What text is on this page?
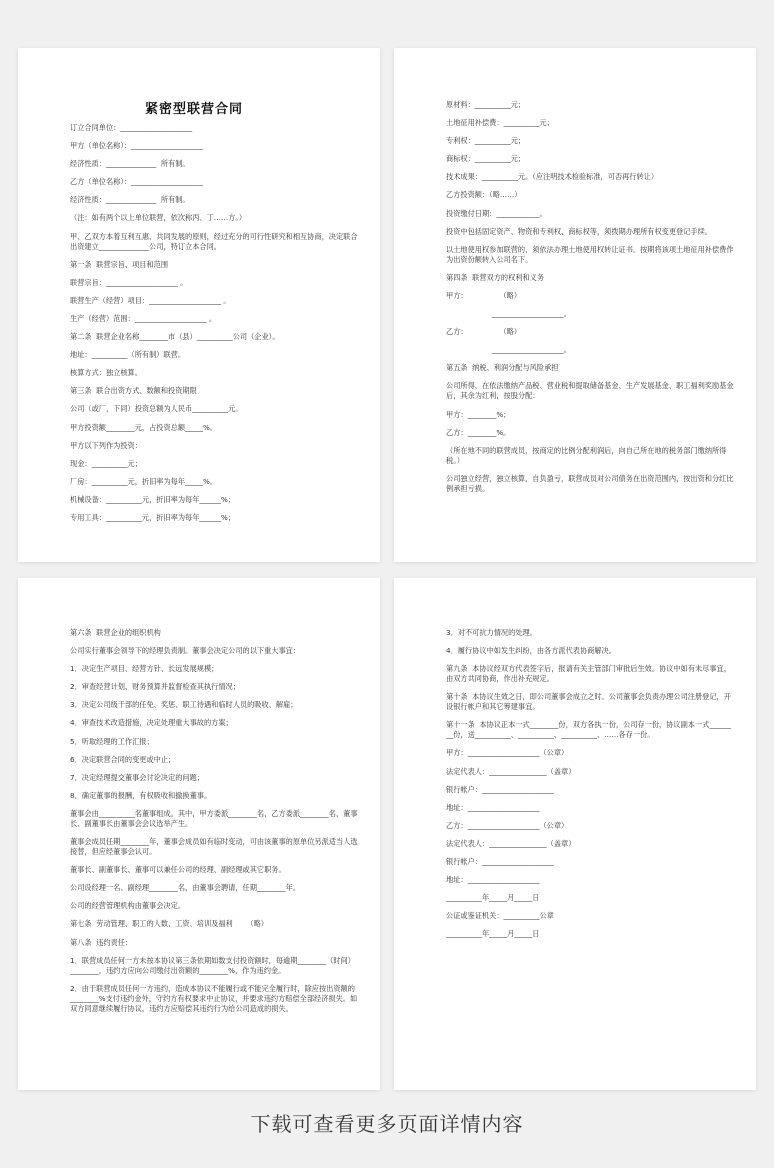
紧密型联营合同
订立合同单位：____________________
甲方（单位名称）：____________________
经济性质：______________  所有制。
乙方（单位名称）：____________________
经济性质：______________  所有制。
（注：如有两个以上单位联营，依次称丙、丁……方。）
甲、乙双方本着互利互惠、共同发展的原则，经过充分的可行性研究和相互协商，决定联合出资建立______________公司，特订立本合同。
第一条  联营宗旨、项目和范围
联营宗旨：____________________ 。
联营生产（经营）项目：____________________ 。
生产（经营）范围：____________________ 。
第二条  联营企业名称________市（县）__________公司（企业）。
地址：__________（所有制）联营。
核算方式：独立核算。
第三条  联合出资方式、数额和投资期限
公司（或厂，下同）投资总额为人民币__________元。
甲方投资额________元，占投资总额_____%。
甲方以下列作为投资：
现金：__________元；
厂房：__________元，折旧率为每年_____%。
机械设备：__________元，折旧率为每年______%；
专用工具：__________元，折旧率为每年______%；
原材料：__________元；
土地征用补偿费：__________元；
专利权：__________元；
商标权：__________元；
技术成果：__________元。（应注明技术检验标准，可否再行转让）
乙方投资额：（略……）
投资缴付日期：____________。
投资中包括固定资产、物资和专利权、商标权等，须拨期办理所有权变更登记手续。
以土地使用权参加联营的，须依法办理土地使用权转让证书。按期将该项土地征用补偿费作为出资份额转入公司名下。
第四条  联营双方的权利和义务
甲方：              （略）
____________________。
乙方：              （略）
____________________。
第五条  纳税、利润分配与风险承担
公司所得，在依法缴纳产品税、营业税和提取储备基金、生产发展基金、职工福利奖励基金后，其余为红利，按股分配：
甲方：________%；
乙方：________%。
（所在地不同的联营成员，按商定的比例分配利润后，向自己所在地的税务部门缴纳所得税。）
公司独立经营，独立核算，自负盈亏，联营成员对公司债务在出资范围内，按出资和分红比例承担亏损。
第六条  联营企业的组织机构
公司实行董事会领导下的经理负责制。董事会决定公司的以下重大事宜：
1．决定生产项目、经营方针、长远发展规模；
2．审查经营计划、财务预算并监督检查其执行情况；
3．决定公司级干部的任免、奖惩、职工待遇和临时人员的吸收、解雇；
4．审查技术改造措施，决定处理重大事故的方案；
5．听取经理的工作汇报；
6．决定联营合同的变更或中止；
7．决定经理提交董事会讨论决定的问题；
8．确定董事的报酬，有权吸收和撤换董事。
董事会由__________名董事组成。其中，甲方委派________名，乙方委派________名，董事长、副董事长由董事会会议选举产生。
董事会成员任期________年，董事会成员如有临时变动，可由该董事的原单位另派适当人选接替，但应经董事会认可。
董事长、副董事长、董事可以兼任公司的经理、副经理或其它职务。
公司设经理一名、副经理________名，由董事会聘请，任期________年。
公司的经营管理机构由董事会决定。
第七条  劳动管理、职工的人数、工资、培训及福利      （略）
第八条  违约责任：
1．联营成员任何一方未按本协议第三条依期如数支付投资额时，每逾期________（时间）________，违约方应向公司缴付出资额的________%，作为违约金。
2．由于联营成员任何一方违约，造成本协议不能履行或不能完全履行时，除应按出资额的________%支付违约金外，守约方有权要求中止协议，并要求违约方赔偿全部经济损失。如双方同意继续履行协议，违约方应赔偿其违约行为给公司造成的损失。
3．对不可抗力情况的处理。
4．履行协议中如发生纠纷，由各方派代表协商解决。
第九条  本协议经双方代表签字后，报请有关主管部门审批后生效。协议中如有未尽事宜，由双方共同协商，作出补充规定。
第十条  本协议生效之日，即公司董事会成立之时。公司董事会负责办理公司注册登记，开设银行帐户和其它筹建事宜。
第十一条  本协议正本一式________份，双方各执一份，公司存一份，协议副本一式________份，送__________、__________、__________、……各存一份。
甲方：____________________（公章）
法定代表人：________________（盖章）
银行帐户：____________________
地址：____________________
乙方：____________________（公章）
法定代表人：________________（盖章）
银行帐户：____________________
地址：____________________
__________年_____月_____日
公证或鉴证机关：__________公章
__________年_____月_____日
下载可查看更多页面详情内容
